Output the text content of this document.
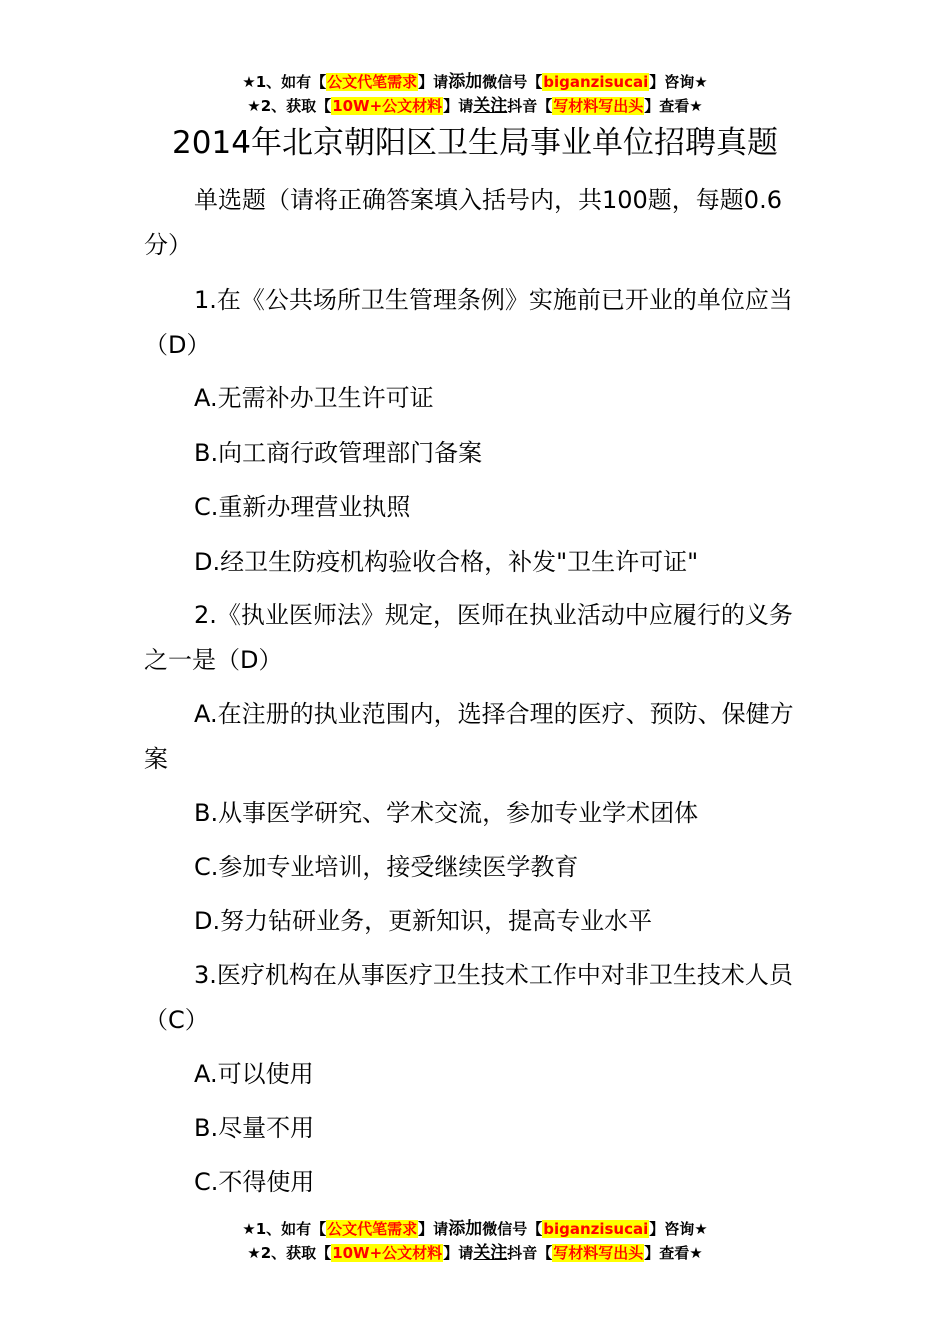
★1、如有【公文代笔需求】请添加微信号【biganzisucai】咨询★
★2、获取【10W+公文材料】请关注抖音【写材料写出头】查看★
2014年北京朝阳区卫生局事业单位招聘真题

单选题（请将正确答案填入括号内，共100题，每题0.6分）

1.在《公共场所卫生管理条例》实施前已开业的单位应当（D）

A.无需补办卫生许可证

B.向工商行政管理部门备案

C.重新办理营业执照

D.经卫生防疫机构验收合格，补发"卫生许可证"

2.《执业医师法》规定，医师在执业活动中应履行的义务之一是（D）

A.在注册的执业范围内，选择合理的医疗、预防、保健方案

B.从事医学研究、学术交流，参加专业学术团体

C.参加专业培训，接受继续医学教育

D.努力钻研业务，更新知识，提高专业水平

3.医疗机构在从事医疗卫生技术工作中对非卫生技术人员（C）

A.可以使用

B.尽量不用

C.不得使用

★1、如有【公文代笔需求】请添加微信号【biganzisucai】咨询★
★2、获取【10W+公文材料】请关注抖音【写材料写出头】查看★
